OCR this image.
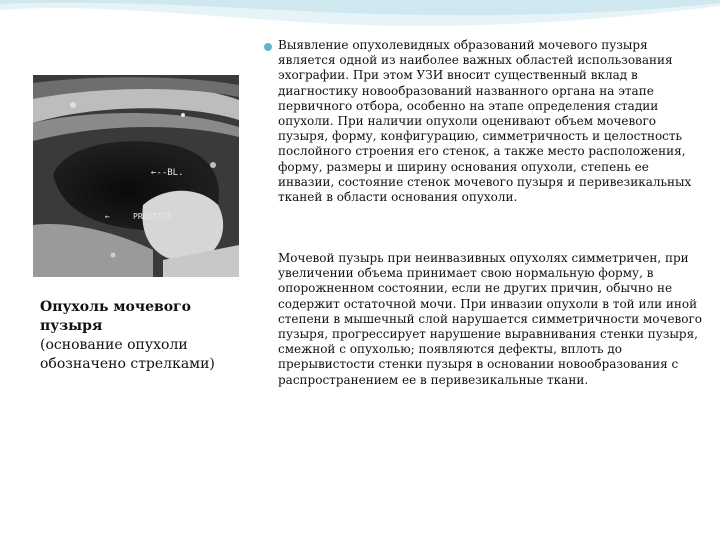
←--BL.
←	PROSTATE
Опухоль мочевого пузыря
(основание опухоли обозначено стрелками)
Выявление опухолевидных образований мочевого пузыря является одной из наиболее важных областей использования эхографии. При этом УЗИ вносит существенный вклад в диагностику новообразований названного органа на этапе первичного отбора, особенно на этапе определения стадии опухоли. При наличии опухоли оценивают объем мочевого пузыря, форму, конфигурацию, симметричность и целостность послойного строения его стенок, а также место расположения, форму, размеры и ширину основания опухоли, степень ее инвазии, состояние стенок мочевого пузыря и перивезикальных тканей в области основания опухоли.
Мочевой пузырь при неинвазивных опухолях симметричен, при увеличении объема принимает свою нормальную форму, в опорожненном состоянии, если не других причин, обычно не содержит остаточной мочи. При инвазии опухоли в той или иной степени в мышечный слой нарушается симметричности мочевого пузыря, прогрессирует нарушение выравнивания стенки пузыря, смежной с опухолью; появляются дефекты, вплоть до прерывистости стенки пузыря в основании новообразования с распространением ее в перивезикальные ткани.
